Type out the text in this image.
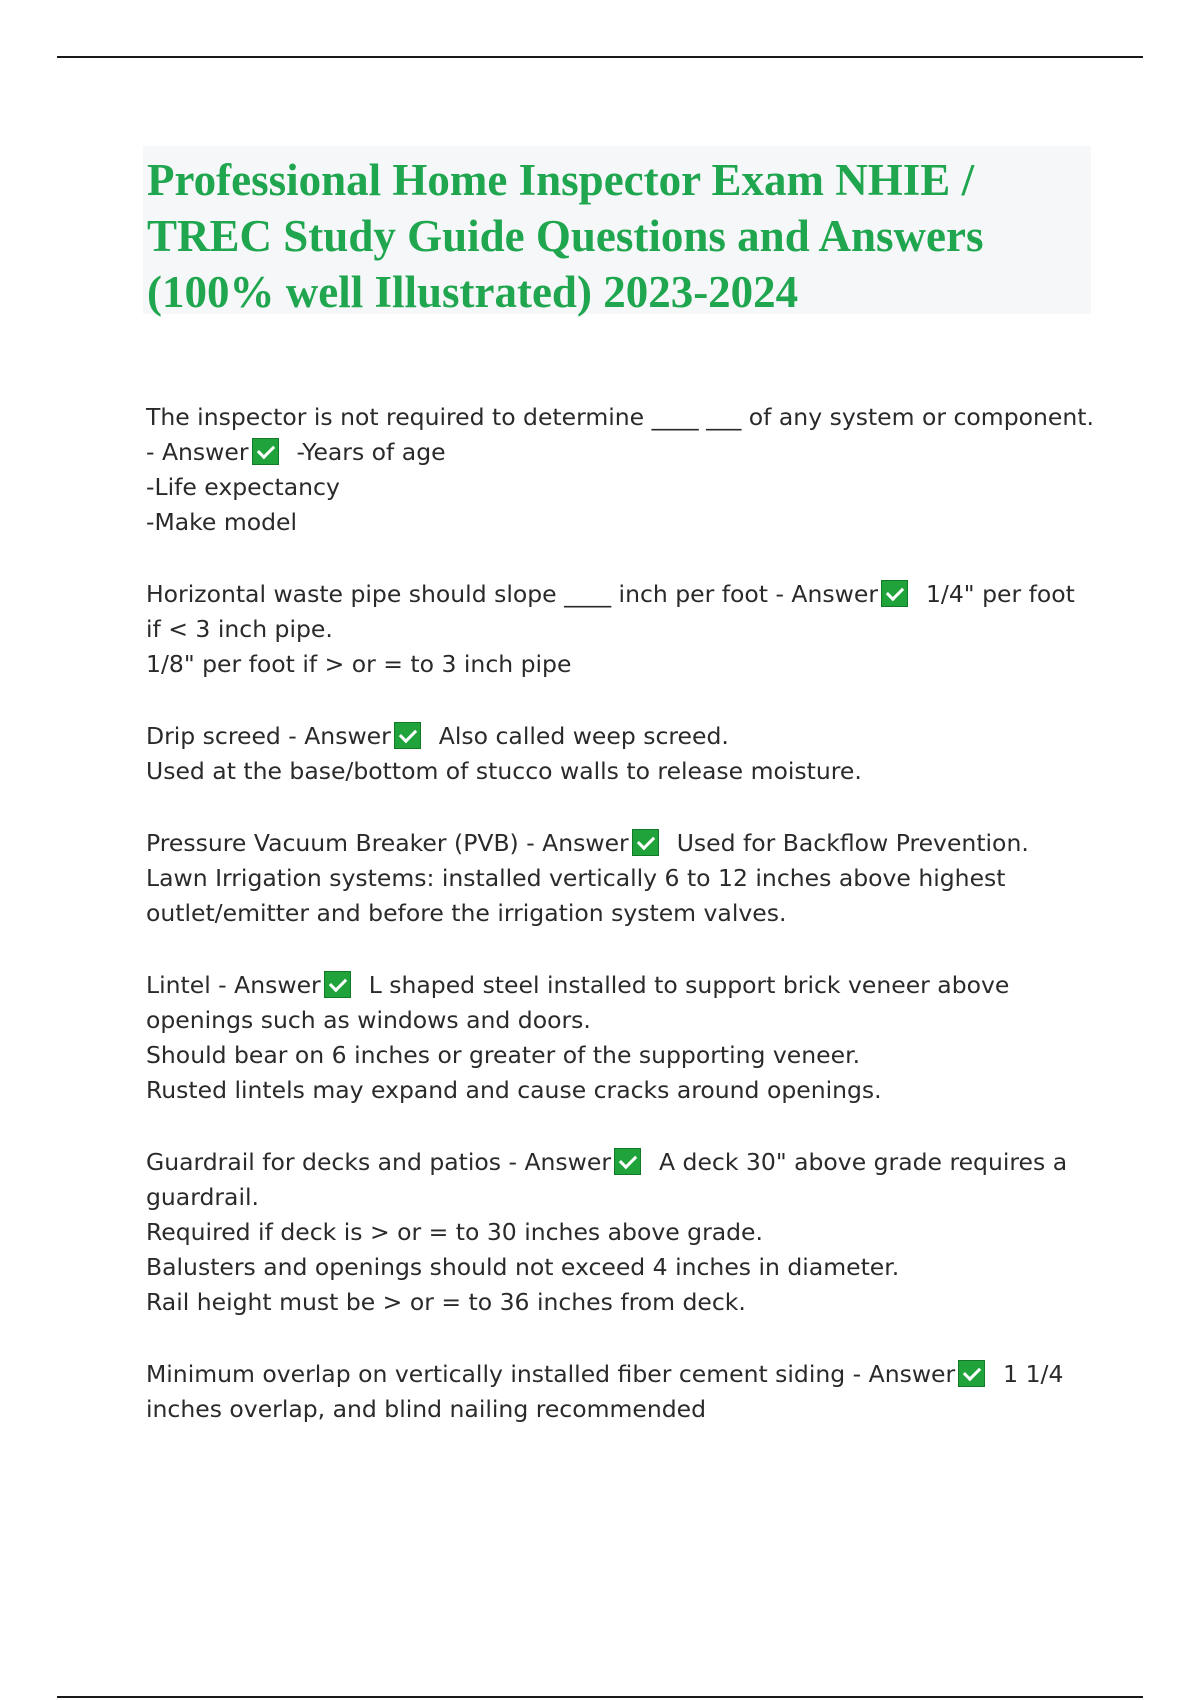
Professional Home Inspector Exam NHIE /
TREC Study Guide Questions and Answers
(100% well Illustrated) 2023-2024
The inspector is not required to determine ____ ___ of any system or component.
- Answer -Years of age
-Life expectancy
-Make model
Horizontal waste pipe should slope ____ inch per foot - Answer 1/4" per foot
if < 3 inch pipe.
1/8" per foot if > or = to 3 inch pipe
Drip screed - Answer Also called weep screed.
Used at the base/bottom of stucco walls to release moisture.
Pressure Vacuum Breaker (PVB) - Answer Used for Backflow Prevention.
Lawn Irrigation systems: installed vertically 6 to 12 inches above highest
outlet/emitter and before the irrigation system valves.
Lintel - Answer L shaped steel installed to support brick veneer above
openings such as windows and doors.
Should bear on 6 inches or greater of the supporting veneer.
Rusted lintels may expand and cause cracks around openings.
Guardrail for decks and patios - Answer A deck 30" above grade requires a
guardrail.
Required if deck is > or = to 30 inches above grade.
Balusters and openings should not exceed 4 inches in diameter.
Rail height must be > or = to 36 inches from deck.
Minimum overlap on vertically installed fiber cement siding - Answer 1 1/4
inches overlap, and blind nailing recommended
